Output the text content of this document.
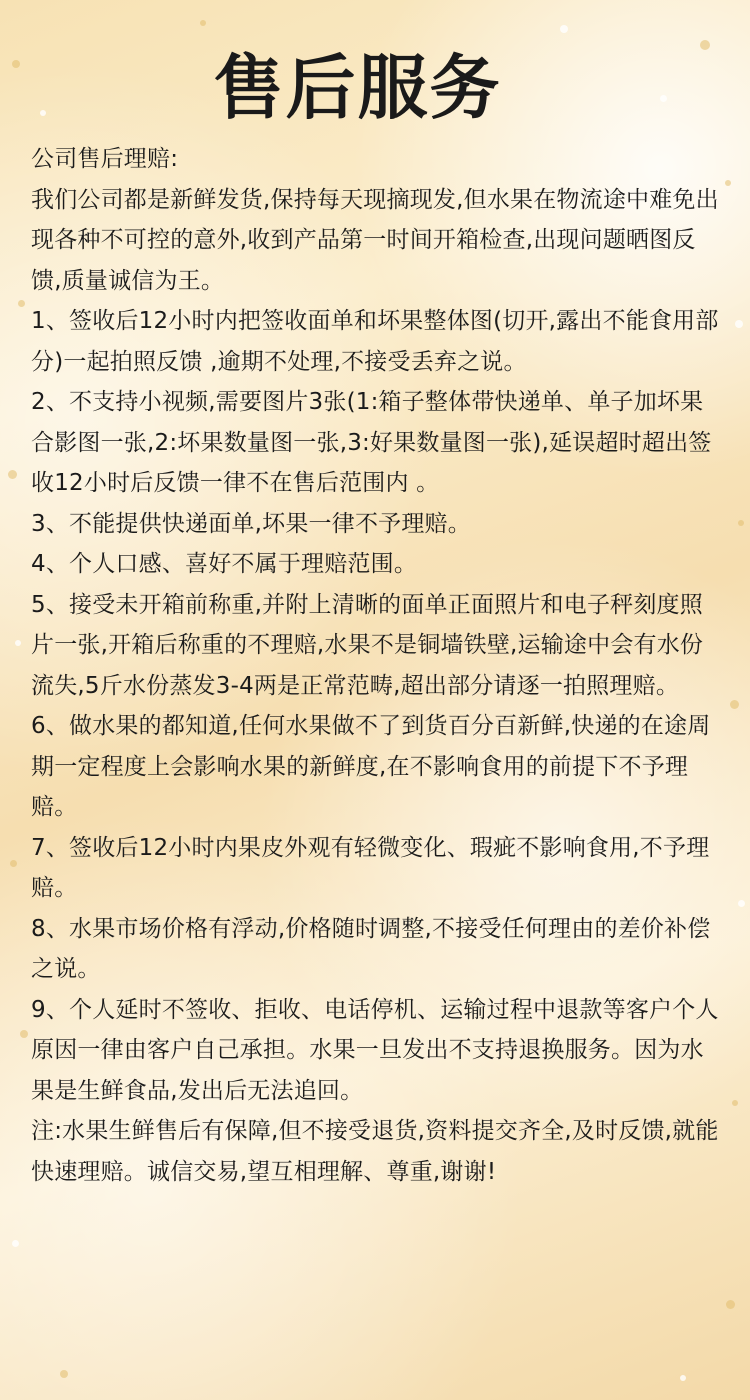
售后服务

公司售后理赔:

我们公司都是新鲜发货,保持每天现摘现发,但水果在物流途中难免出现各种不可控的意外,收到产品第一时间开箱检查,出现问题晒图反馈,质量诚信为王。

1、签收后12小时内把签收面单和坏果整体图(切开,露出不能食用部分)一起拍照反馈 ,逾期不处理,不接受丢弃之说。

2、不支持小视频,需要图片3张(1:箱子整体带快递单、单子加坏果合影图一张,2:坏果数量图一张,3:好果数量图一张),延误超时超出签收12小时后反馈一律不在售后范围内 。

3、不能提供快递面单,坏果一律不予理赔。

4、个人口感、喜好不属于理赔范围。

5、接受未开箱前称重,并附上清晰的面单正面照片和电子秤刻度照片一张,开箱后称重的不理赔,水果不是铜墙铁壁,运输途中会有水份流失,5斤水份蒸发3-4两是正常范畴,超出部分请逐一拍照理赔。

6、做水果的都知道,任何水果做不了到货百分百新鲜,快递的在途周期一定程度上会影响水果的新鲜度,在不影响食用的前提下不予理赔。

7、签收后12小时内果皮外观有轻微变化、瑕疵不影响食用,不予理赔。

8、水果市场价格有浮动,价格随时调整,不接受任何理由的差价补偿之说。

9、个人延时不签收、拒收、电话停机、运输过程中退款等客户个人原因一律由客户自己承担。水果一旦发出不支持退换服务。因为水果是生鲜食品,发出后无法追回。

注:水果生鲜售后有保障,但不接受退货,资料提交齐全,及时反馈,就能快速理赔。诚信交易,望互相理解、尊重,谢谢!
